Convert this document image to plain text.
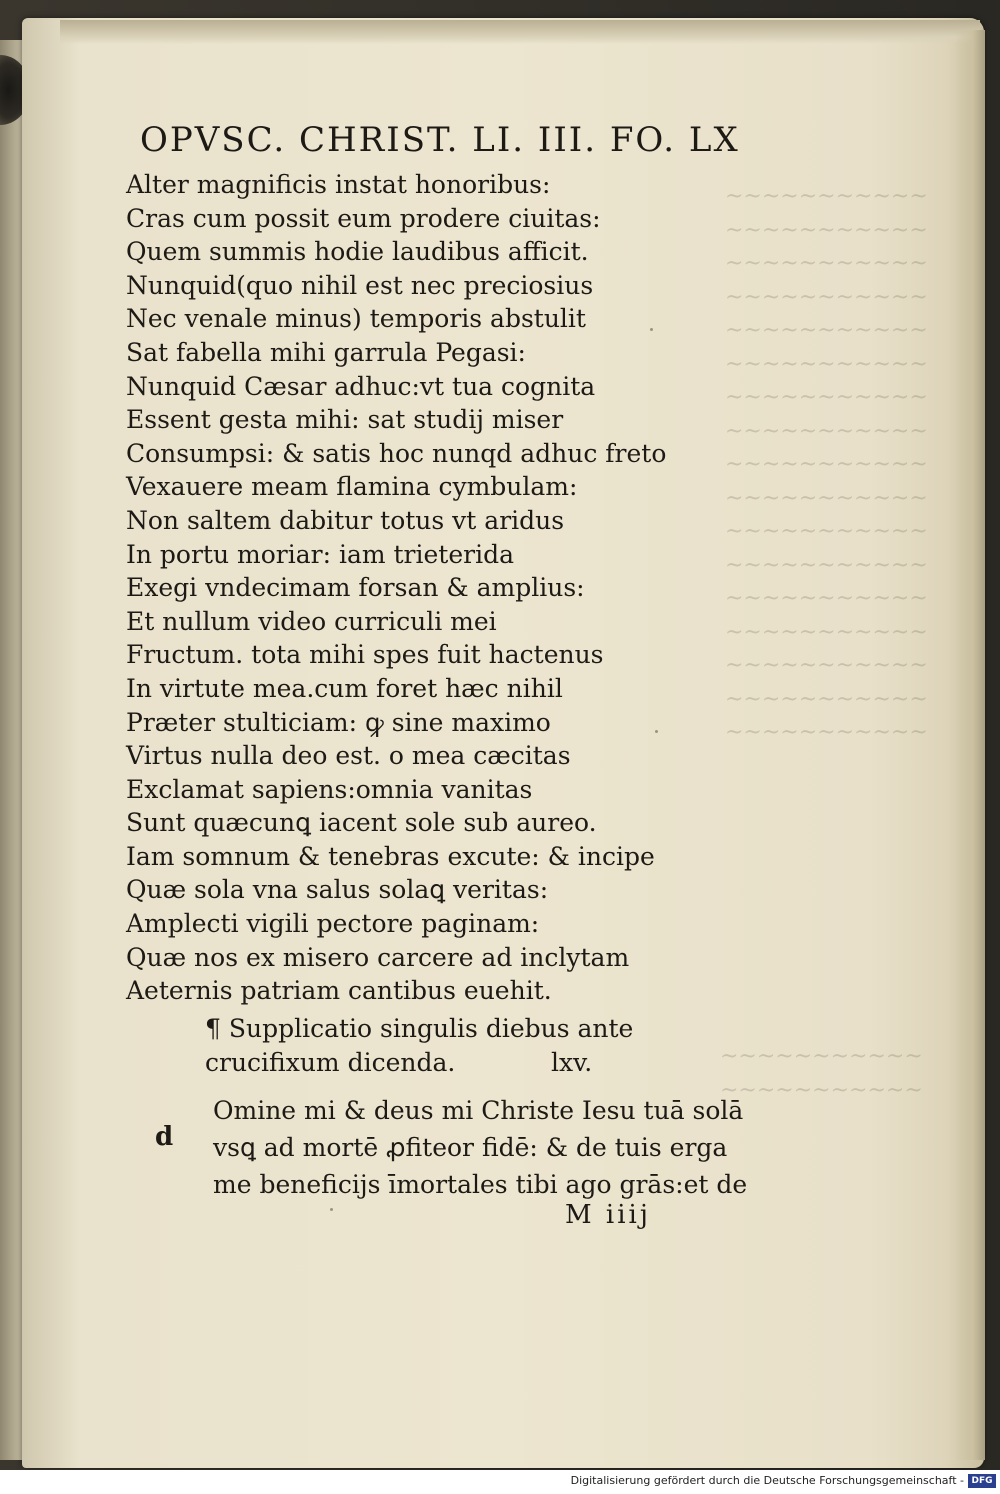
~~~~~~~~~~~
~~~~~~~~~~~
~~~~~~~~~~~
~~~~~~~~~~~
~~~~~~~~~~~
~~~~~~~~~~~
~~~~~~~~~~~
~~~~~~~~~~~
~~~~~~~~~~~
~~~~~~~~~~~
~~~~~~~~~~~
~~~~~~~~~~~
~~~~~~~~~~~
~~~~~~~~~~~
~~~~~~~~~~~
~~~~~~~~~~~
~~~~~~~~~~~
~~~~~~~~~~~
~~~~~~~~~~~
OPVSC. CHRIST. LI. III. FO. LX
Alter magnificis instat honoribus:
Cras cum possit eum prodere ciuitas:
Quem summis hodie laudibus afficit.
Nunquid(quo nihil est nec preciosius
Nec venale minus) temporis abstulit
Sat fabella mihi garrula Pegasi:
Nunquid Cæsar adhuc:vt tua cognita
Essent gesta mihi: sat studij miser
Consumpsi: & satis hoc nunqd adhuc freto
Vexauere meam flamina cymbulam:
Non saltem dabitur totus vt aridus
In portu moriar: iam trieterida
Exegi vndecimam forsan & amplius:
Et nullum video curriculi mei
Fructum. tota mihi spes fuit hactenus
In virtute mea.cum foret hæc nihil
Præter stulticiam: ꝙ sine maximo
Virtus nulla deo est. o mea cæcitas
Exclamat sapiens:omnia vanitas
Sunt quæcunꝗ iacent sole sub aureo.
Iam somnum & tenebras excute: & incipe
Quæ sola vna salus solaꝗ veritas:
Amplecti vigili pectore paginam:
Quæ nos ex misero carcere ad inclytam
Aeternis patriam cantibus euehit.
¶ Supplicatio singulis diebus ante
crucifixum dicenda.	lxv.
d
Omine mi & deus mi Christe Iesu tuā solā
vsꝗ ad mortē ꝓfiteor fidē: & de tuis erga
me beneficijs īmortales tibi ago grās:et de
M iiij
Digitalisierung gefördert durch die Deutsche Forschungsgemeinschaft - DFG
